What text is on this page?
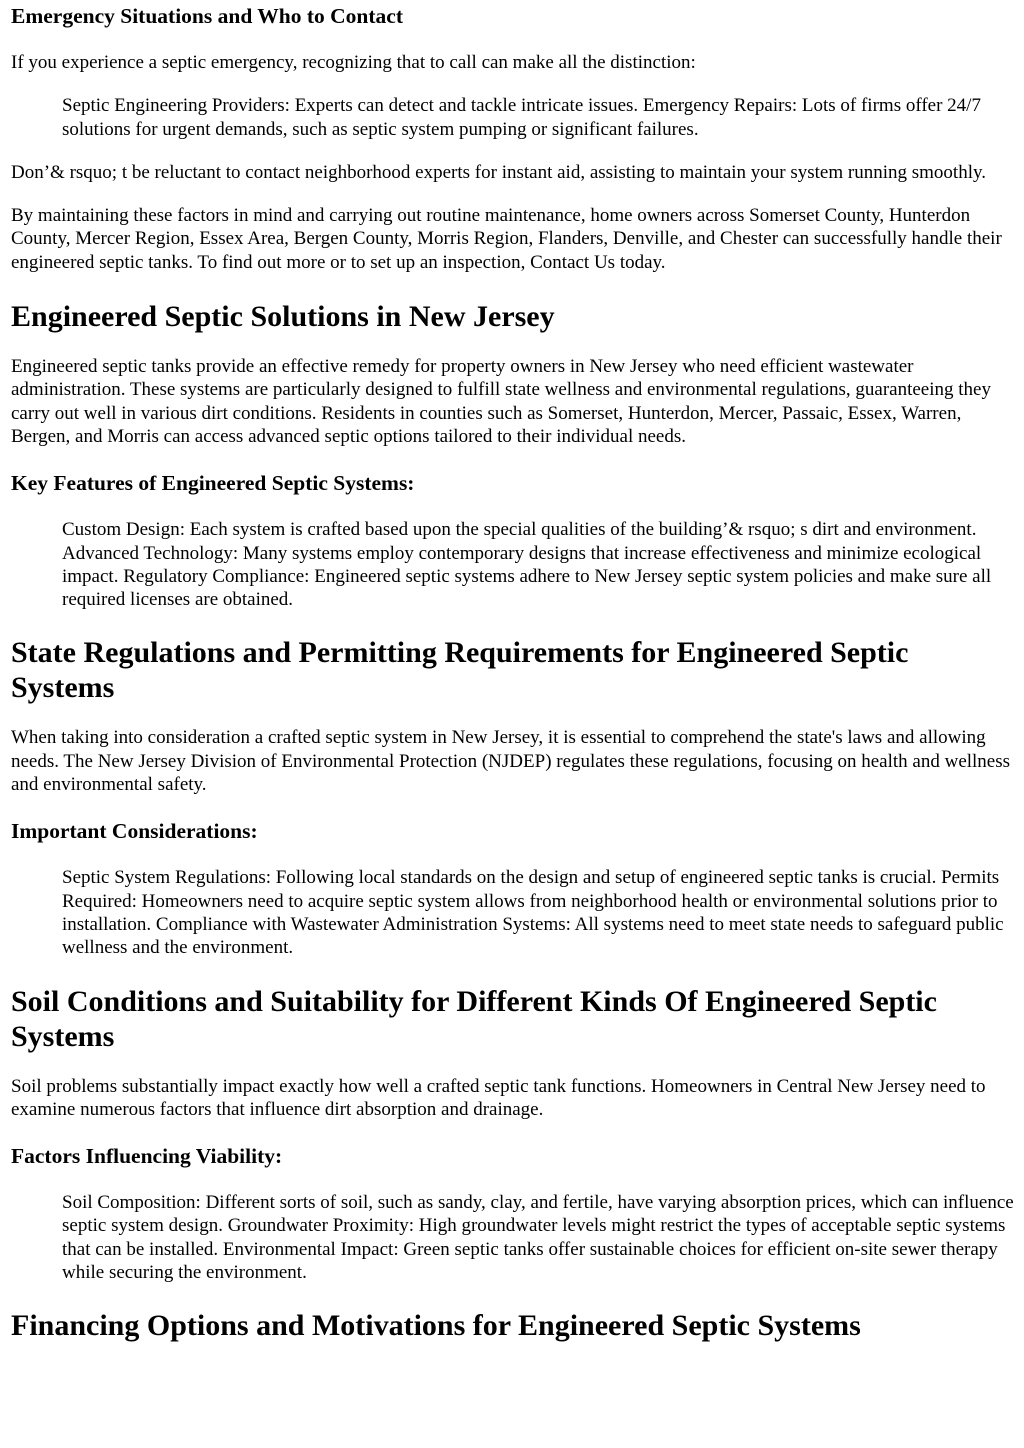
Emergency Situations and Who to Contact

If you experience a septic emergency, recognizing that to call can make all the distinction:

Septic Engineering Providers: Experts can detect and tackle intricate issues. Emergency Repairs: Lots of firms offer 24/7 solutions for urgent demands, such as septic system pumping or significant failures.

Don’& rsquo; t be reluctant to contact neighborhood experts for instant aid, assisting to maintain your system running smoothly.

By maintaining these factors in mind and carrying out routine maintenance, home owners across Somerset County, Hunterdon County, Mercer Region, Essex Area, Bergen County, Morris Region, Flanders, Denville, and Chester can successfully handle their engineered septic tanks. To find out more or to set up an inspection, Contact Us today.

Engineered Septic Solutions in New Jersey

Engineered septic tanks provide an effective remedy for property owners in New Jersey who need efficient wastewater administration. These systems are particularly designed to fulfill state wellness and environmental regulations, guaranteeing they carry out well in various dirt conditions. Residents in counties such as Somerset, Hunterdon, Mercer, Passaic, Essex, Warren, Bergen, and Morris can access advanced septic options tailored to their individual needs.

Key Features of Engineered Septic Systems:
Custom Design: Each system is crafted based upon the special qualities of the building’& rsquo; s dirt and environment. Advanced Technology: Many systems employ contemporary designs that increase effectiveness and minimize ecological impact. Regulatory Compliance: Engineered septic systems adhere to New Jersey septic system policies and make sure all required licenses are obtained.
State Regulations and Permitting Requirements for Engineered Septic Systems

When taking into consideration a crafted septic system in New Jersey, it is essential to comprehend the state's laws and allowing needs. The New Jersey Division of Environmental Protection (NJDEP) regulates these regulations, focusing on health and wellness and environmental safety.

Important Considerations:
Septic System Regulations: Following local standards on the design and setup of engineered septic tanks is crucial. Permits Required: Homeowners need to acquire septic system allows from neighborhood health or environmental solutions prior to installation. Compliance with Wastewater Administration Systems: All systems need to meet state needs to safeguard public wellness and the environment.
Soil Conditions and Suitability for Different Kinds Of Engineered Septic Systems

Soil problems substantially impact exactly how well a crafted septic tank functions. Homeowners in Central New Jersey need to examine numerous factors that influence dirt absorption and drainage.

Factors Influencing Viability:
Soil Composition: Different sorts of soil, such as sandy, clay, and fertile, have varying absorption prices, which can influence septic system design. Groundwater Proximity: High groundwater levels might restrict the types of acceptable septic systems that can be installed. Environmental Impact: Green septic tanks offer sustainable choices for efficient on-site sewer therapy while securing the environment.
Financing Options and Motivations for Engineered Septic Systems
